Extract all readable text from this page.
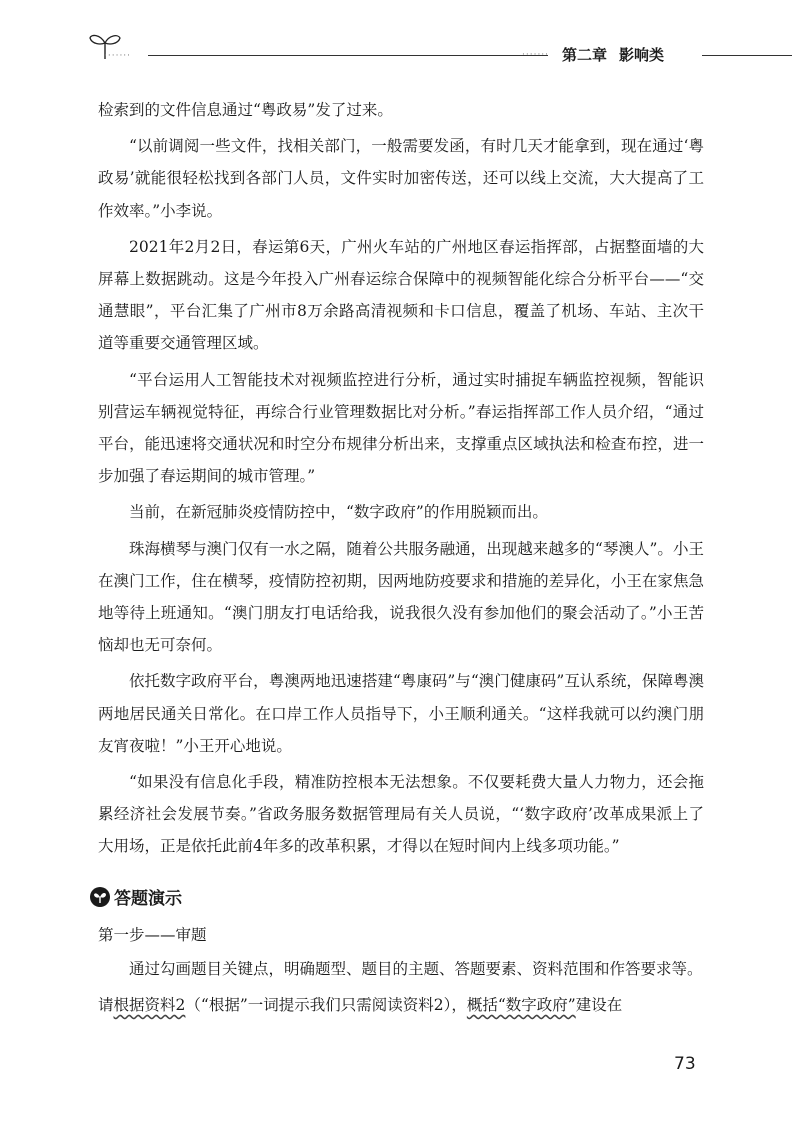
·······	······· 第二章 影响类

检索到的文件信息通过“粤政易”发了过来。

“以前调阅一些文件，找相关部门，一般需要发函，有时几天才能拿到，现在通过‘粤政易’就能很轻松找到各部门人员，文件实时加密传送，还可以线上交流，大大提高了工作效率。”小李说。

2021年2月2日，春运第6天，广州火车站的广州地区春运指挥部，占据整面墙的大屏幕上数据跳动。这是今年投入广州春运综合保障中的视频智能化综合分析平台——“交通慧眼”，平台汇集了广州市8万余路高清视频和卡口信息，覆盖了机场、车站、主次干道等重要交通管理区域。

“平台运用人工智能技术对视频监控进行分析，通过实时捕捉车辆监控视频，智能识别营运车辆视觉特征，再综合行业管理数据比对分析。”春运指挥部工作人员介绍，“通过平台，能迅速将交通状况和时空分布规律分析出来，支撑重点区域执法和检查布控，进一步加强了春运期间的城市管理。”

当前，在新冠肺炎疫情防控中，“数字政府”的作用脱颖而出。

珠海横琴与澳门仅有一水之隔，随着公共服务融通，出现越来越多的“琴澳人”。小王在澳门工作，住在横琴，疫情防控初期，因两地防疫要求和措施的差异化，小王在家焦急地等待上班通知。“澳门朋友打电话给我，说我很久没有参加他们的聚会活动了。”小王苦恼却也无可奈何。

依托数字政府平台，粤澳两地迅速搭建“粤康码”与“澳门健康码”互认系统，保障粤澳两地居民通关日常化。在口岸工作人员指导下，小王顺利通关。“这样我就可以约澳门朋友宵夜啦！”小王开心地说。

“如果没有信息化手段，精准防控根本无法想象。不仅要耗费大量人力物力，还会拖累经济社会发展节奏。”省政务服务数据管理局有关人员说，“‘数字政府’改革成果派上了大用场，正是依托此前4年多的改革积累，才得以在短时间内上线多项功能。”

答题演示

第一步——审题

通过勾画题目关键点，明确题型、题目的主题、答题要素、资料范围和作答要求等。

请根据资料2（“根据”一词提示我们只需阅读资料2），概括“数字政府”建设在

73
